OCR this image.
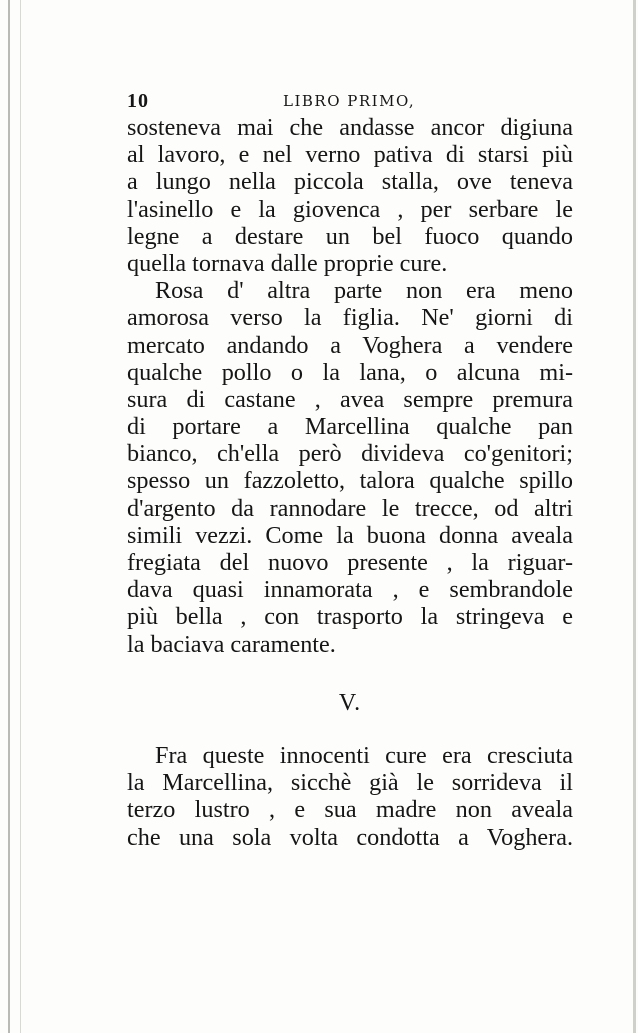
10	LIBRO PRIMO,
sosteneva mai che andasse ancor digiuna
al lavoro, e nel verno pativa di starsi più
a lungo nella piccola stalla, ove teneva
l'asinello e la giovenca , per serbare le
legne a destare un bel fuoco quando
quella tornava dalle proprie cure.
Rosa d' altra parte non era meno
amorosa verso la figlia. Ne' giorni di
mercato andando a Voghera a vendere
qualche pollo o la lana, o alcuna mi-
sura di castane , avea sempre premura
di portare a Marcellina qualche pan
bianco, ch'ella però divideva co'genitori;
spesso un fazzoletto, talora qualche spillo
d'argento da rannodare le trecce, od altri
simili vezzi. Come la buona donna aveala
fregiata del nuovo presente , la riguar-
dava quasi innamorata , e sembrandole
più bella , con trasporto la stringeva e
la baciava caramente.
V.
Fra queste innocenti cure era cresciuta
la Marcellina, sicchè già le sorrideva il
terzo lustro , e sua madre non aveala
che una sola volta condotta a Voghera.
